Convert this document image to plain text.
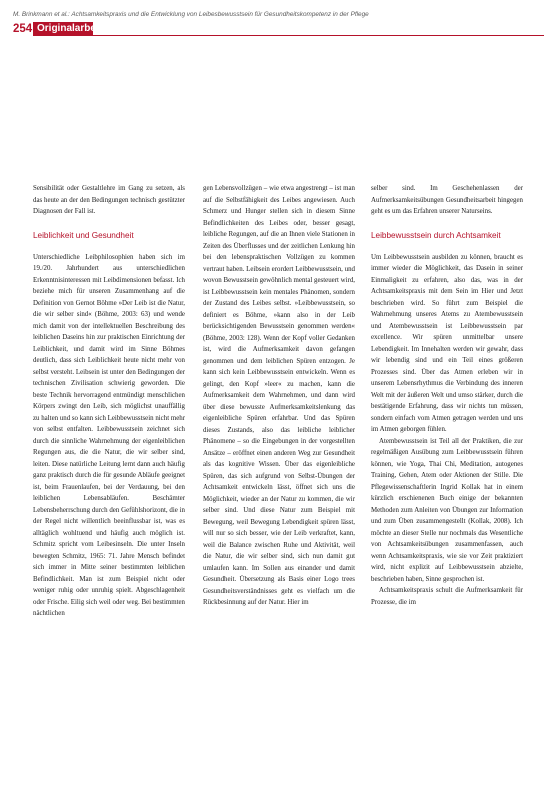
M. Brinkmann et al.: Achtsamkeitspraxis und die Entwicklung von Leibesbewusstsein für Gesundheitskompetenz in der Pflege
254 Originalarbeit

Sensibilität oder Gestaltlehre im Gang zu setzen, als das heute an der den Bedingungen technisch gestützter Diagnosen der Fall ist.

Leiblichkeit und Gesundheit

Unterschiedliche Leibphilosophien haben sich im 19./20. Jahrhundert aus unterschiedlichen Erkenntnisinteressen mit Leibdimensionen befasst. Ich beziehe mich für unseren Zusammenhang auf die Definition von Gernot Böhme »Der Leib ist die Natur, die wir selber sind« (Böhme, 2003: 63) und wende mich damit von der intellektuellen Beschreibung des leiblichen Daseins hin zur praktischen Einrichtung der Leiblichkeit, und damit wird im Sinne Böhmes deutlich, dass sich Leiblichkeit heute nicht mehr von selbst versteht. Leibsein ist unter den Bedingungen der technischen Zivilisation schwierig geworden. Die beste Technik hervorragend entmündigt menschlichen Körpers zwingt den Leib, sich möglichst unauffällig zu halten und so kann sich Leibbewusstsein nicht mehr von selbst entfalten. Leibbewusstsein zeichnet sich durch die sinnliche Wahrnehmung der eigenleiblichen Regungen aus, die die Natur, die wir selber sind, leiten. Diese natürliche Leitung lernt dann auch häufig ganz praktisch durch die für gesunde Abläufe geeignet ist, beim Frauenlaufen, bei der Verdauung, bei den leiblichen Lebensabläufen. Beschämter Lebensbeherrschung durch den Gefühlshorizont, die in der Regel nicht willentlich beeinflussbar ist, was es alltäglich wohltuend und häufig auch möglich ist. Schmitz spricht vom Leibesinseln. Die unter Inseln bewegten Schmitz, 1965: 71. Jahre Mensch befindet sich immer in Mitte seiner bestimmten leiblichen Befindlichkeit. Man ist zum Beispiel nicht oder weniger ruhig oder unruhig spielt. Abgeschlagenheit oder Frische. Eilig sich weil oder weg. Bei bestimmten nächtlichen

gen Lebensvollzügen – wie etwa angestrengt – ist man auf die Selbstfähigkeit des Leibes angewiesen. Auch Schmerz und Hunger stellen sich in diesem Sinne Befindlichkeiten des Leibes oder, besser gesagt, leibliche Regungen, auf die an Ihnen viele Stationen in Zeiten des Überflusses und der zeitlichen Lenkung hin bei den lebenspraktischen Vollzügen zu kommen vertraut haben. Leibsein erordert Leibbewusstsein, und wovon Bewusstsein gewöhnlich mental gesteuert wird, ist Leibbewusstsein kein mentales Phänomen, sondern der Zustand des Leibes selbst. »Leibbewusstsein, so definiert es Böhme, »kann also in der Leib berücksichtigenden Bewusstsein genommen werden« (Böhme, 2003: 128). Wenn der Kopf voller Gedanken ist, wird die Aufmerksamkeit davon gefangen genommen und dem leiblichen Spüren entzogen. Je kann sich kein Leibbewusstsein entwickeln. Wenn es gelingt, den Kopf »leer« zu machen, kann die Aufmerksamkeit dem Wahrnehmen, und dann wird über diese bewusste Aufmerksamkeitslenkung das eigenleibliche Spüren erfahrbar. Und das Spüren dieses Zustands, also das leibliche leiblicher Phänomene – so die Eingebungen in der vorgestellten Ansätze – eröffnet einen anderen Weg zur Gesundheit als das kognitive Wissen. Über das eigenleibliche Spüren, das sich aufgrund von Selbst-Übungen der Achtsamkeit entwickeln lässt, öffnet sich uns die Möglichkeit, wieder an der Natur zu kommen, die wir selber sind. Und diese Natur zum Beispiel mit Bewegung, weil Bewegung Lebendigkeit spüren lässt, will nur so sich besser, wie der Leib verkraftet, kann, weil die Balance zwischen Ruhe und Aktivität, weil die Natur, die wir selber sind, sich nun damit gut umlaufen kann. Im Sollen aus einander und damit Gesundheit. Übersetzung als Basis einer Logo trees Gesundheitsverständnisses geht es vielfach um die Rückbesinnung auf der Natur. Hier im

selber sind. Im Geschehenlassen der Aufmerksamkeitsübungen Gesundheitsarbeit hingegen geht es um das Erfahren unserer Naturseins.

Leibbewusstsein durch Achtsamkeit

Um Leibbewusstsein ausbilden zu können, braucht es immer wieder die Möglichkeit, das Dasein in seiner Einmaligkeit zu erfahren, also das, was in der Achtsamkeitspraxis mit dem Sein im Hier und Jetzt beschrieben wird. So führt zum Beispiel die Wahrnehmung unseres Atems zu Atembewusstsein und Atembewusstsein ist Leibbewusstsein par excellence. Wir spüren unmittelbar unsere Lebendigkeit. Im Innehalten werden wir gewahr, dass wir lebendig sind und ein Teil eines größeren Prozesses sind. Über das Atmen erleben wir in unserem Lebensrhythmus die Verbindung des inneren Welt mit der äußeren Welt und umso stärker, durch die bestätigende Erfahrung, dass wir nichts tun müssen, sondern einfach vom Atmen getragen werden und uns im Atmen geborgen fühlen.

Atembewusstsein ist Teil all der Praktiken, die zur regelmäßigen Ausübung zum Leibbewusstsein führen können, wie Yoga, Thai Chi, Meditation, autogenes Training, Gehen, Atem oder Aktionen der Stille. Die Pflegewissenschaftlerin Ingrid Kollak hat in einem kürzlich erschienenen Buch einige der bekannten Methoden zum Anleiten von Übungen zur Information und zum Üben zusammengestellt (Kollak, 2008). Ich möchte an dieser Stelle nur nochmals das Wesentliche von Achtsamkeitsübungen zusammenfassen, auch wenn Achtsamkeitspraxis, wie sie vor Zeit praktiziert wird, nicht explizit auf Leibbewusstsein abzielte, beschrieben haben, Sinne gesprochen ist.

Achtsamkeitspraxis schult die Aufmerksamkeit für Prozesse, die im
